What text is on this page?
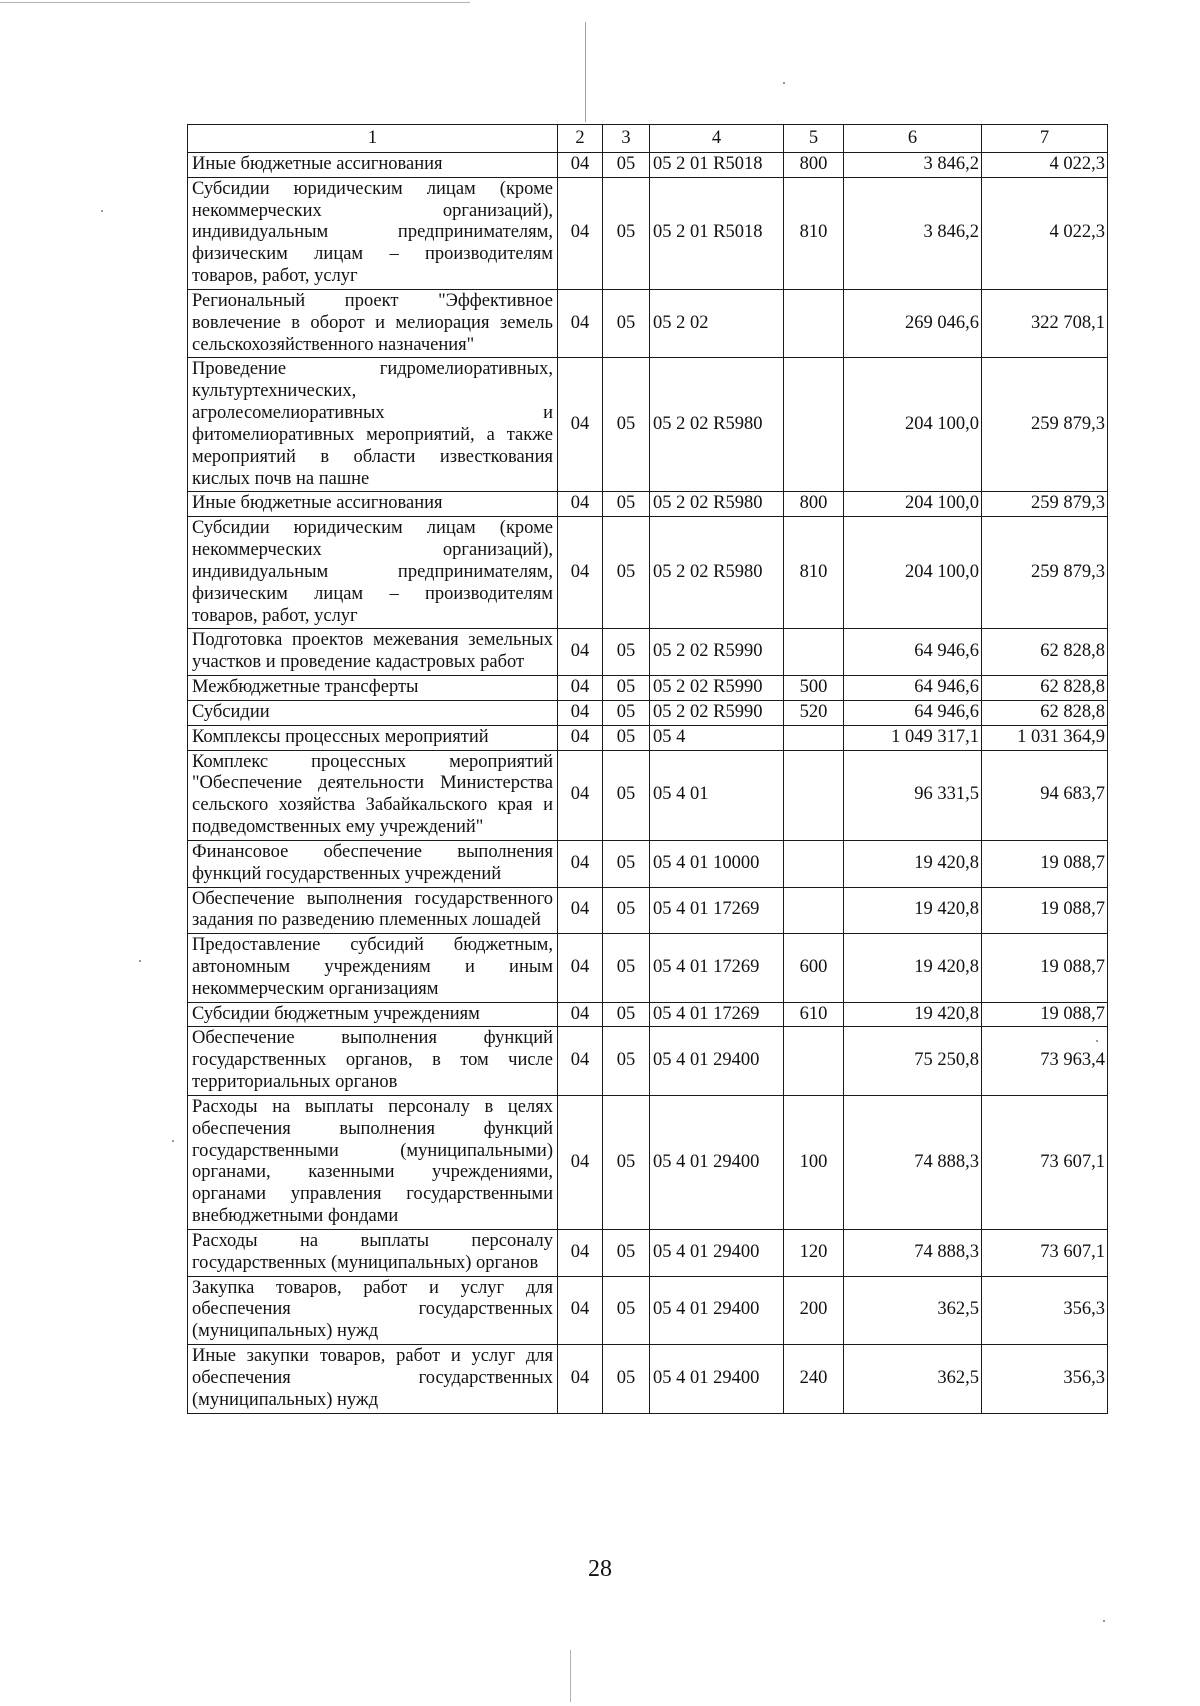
1	2	3	4	5	6	7
Иные бюджетные ассигнования	04	05	05 2 01 R5018	800	3 846,2	4 022,3
Субсидии юридическим лицам (кроме некоммерческих организаций), индивидуальным предпринимателям, физическим лицам – производителям товаров, работ, услуг	04	05	05 2 01 R5018	810	3 846,2	4 022,3
Региональный проект "Эффективное вовлечение в оборот и мелиорация земель сельскохозяйственного назначения"	04	05	05 2 02		269 046,6	322 708,1
Проведение гидромелиоративных, культуртехнических, агролесомелиоративных и фитомелиоративных мероприятий, а также мероприятий в области известкования кислых почв на пашне	04	05	05 2 02 R5980		204 100,0	259 879,3
Иные бюджетные ассигнования	04	05	05 2 02 R5980	800	204 100,0	259 879,3
Субсидии юридическим лицам (кроме некоммерческих организаций), индивидуальным предпринимателям, физическим лицам – производителям товаров, работ, услуг	04	05	05 2 02 R5980	810	204 100,0	259 879,3
Подготовка проектов межевания земельных участков и проведение кадастровых работ	04	05	05 2 02 R5990		64 946,6	62 828,8
Межбюджетные трансферты	04	05	05 2 02 R5990	500	64 946,6	62 828,8
Субсидии	04	05	05 2 02 R5990	520	64 946,6	62 828,8
Комплексы процессных мероприятий	04	05	05 4		1 049 317,1	1 031 364,9
Комплекс процессных мероприятий "Обеспечение деятельности Министерства сельского хозяйства Забайкальского края и подведомственных ему учреждений"	04	05	05 4 01		96 331,5	94 683,7
Финансовое обеспечение выполнения функций государственных учреждений	04	05	05 4 01 10000		19 420,8	19 088,7
Обеспечение выполнения государственного задания по разведению племенных лошадей	04	05	05 4 01 17269		19 420,8	19 088,7
Предоставление субсидий бюджетным, автономным учреждениям и иным некоммерческим организациям	04	05	05 4 01 17269	600	19 420,8	19 088,7
Субсидии бюджетным учреждениям	04	05	05 4 01 17269	610	19 420,8	19 088,7
Обеспечение выполнения функций государственных органов, в том числе территориальных органов	04	05	05 4 01 29400		75 250,8	73 963,4
Расходы на выплаты персоналу в целях обеспечения выполнения функций государственными (муниципальными) органами, казенными учреждениями, органами управления государственными внебюджетными фондами	04	05	05 4 01 29400	100	74 888,3	73 607,1
Расходы на выплаты персоналу государственных (муниципальных) органов	04	05	05 4 01 29400	120	74 888,3	73 607,1
Закупка товаров, работ и услуг для обеспечения государственных (муниципальных) нужд	04	05	05 4 01 29400	200	362,5	356,3
Иные закупки товаров, работ и услуг для обеспечения государственных (муниципальных) нужд	04	05	05 4 01 29400	240	362,5	356,3
28
